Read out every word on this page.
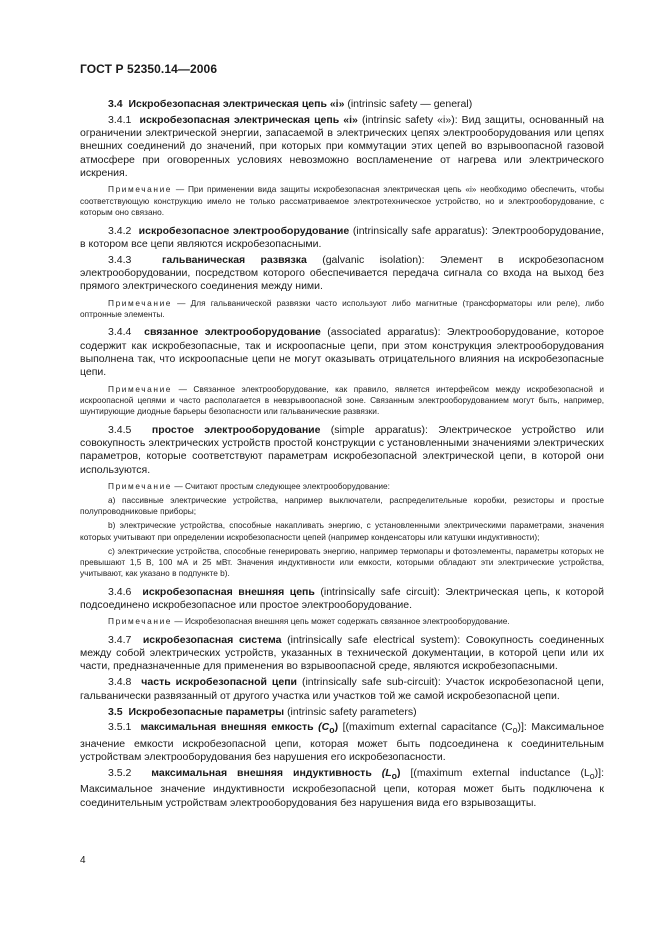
ГОСТ Р 52350.14—2006
3.4 Искробезопасная электрическая цепь «i» (intrinsic safety — general)
3.4.1 искробезопасная электрическая цепь «i» (intrinsic safety «i»): Вид защиты, основанный на ограничении электрической энергии, запасаемой в электрических цепях электрооборудования или цепях внешних соединений до значений, при которых при коммутации этих цепей во взрывоопасной газовой атмосфере при оговоренных условиях невозможно воспламенение от нагрева или электрического искрения.
Примечание — При применении вида защиты искробезопасная электрическая цепь «i» необходимо обеспечить, чтобы соответствующую конструкцию имело не только рассматриваемое электротехническое устройство, но и электрооборудование, с которым оно связано.
3.4.2 искробезопасное электрооборудование (intrinsically safe apparatus): Электрооборудование, в котором все цепи являются искробезопасными.
3.4.3	гальваническая развязка (galvanic isolation): Элемент в искробезопасном электрооборудовании, посредством которого обеспечивается передача сигнала со входа на выход без прямого электрического соединения между ними.
Примечание — Для гальванической развязки часто используют либо магнитные (трансформаторы или реле), либо оптронные элементы.
3.4.4 связанное электрооборудование (associated apparatus): Электрооборудование, которое содержит как искробезопасные, так и искроопасные цепи, при этом конструкция электрооборудования выполнена так, что искроопасные цепи не могут оказывать отрицательного влияния на искробезопасные цепи.
Примечание — Связанное электрооборудование, как правило, является интерфейсом между искробезопасной и искроопасной цепями и часто располагается в невзрывоопасной зоне. Связанным электрооборудованием могут быть, например, шунтирующие диодные барьеры безопасности или гальванические развязки.
3.4.5 простое электрооборудование (simple apparatus): Электрическое устройство или совокупность электрических устройств простой конструкции с установленными значениями электрических параметров, которые соответствуют параметрам искробезопасной электрической цепи, в которой они используются.
Примечание — Считают простым следующее электрооборудование:
a) пассивные электрические устройства, например выключатели, распределительные коробки, резисторы и простые полупроводниковые приборы;
b) электрические устройства, способные накапливать энергию, с установленными электрическими параметрами, значения которых учитывают при определении искробезопасности цепей (например конденсаторы или катушки индуктивности);
c) электрические устройства, способные генерировать энергию, например термопары и фотоэлементы, параметры которых не превышают 1,5 В, 100 мА и 25 мВт. Значения индуктивности или емкости, которыми обладают эти электрические устройства, учитывают, как указано в подпункте b).
3.4.6 искробезопасная внешняя цепь (intrinsically safe circuit): Электрическая цепь, к которой подсоединено искробезопасное или простое электрооборудование.
Примечание — Искробезопасная внешняя цепь может содержать связанное электрооборудование.
3.4.7 искробезопасная система (intrinsically safe electrical system): Совокупность соединенных между собой электрических устройств, указанных в технической документации, в которой цепи или их части, предназначенные для применения во взрывоопасной среде, являются искробезопасными.
3.4.8 часть искробезопасной цепи (intrinsically safe sub-circuit): Участок искробезопасной цепи, гальванически развязанный от другого участка или участков той же самой искробезопасной цепи.
3.5 Искробезопасные параметры (intrinsic safety parameters)
3.5.1 максимальная внешняя емкость $(C_o)$ [(maximum external capacitance $(C_o)$]: Максимальное значение емкости искробезопасной цепи, которая может быть подсоединена к соединительным устройствам электрооборудования без нарушения его искробезопасности.
3.5.2 максимальная внешняя индуктивность $(L_o)$ [(maximum external inductance $(L_o)$]: Максимальное значение индуктивности искробезопасной цепи, которая может быть подключена к соединительным устройствам электрооборудования без нарушения вида его взрывозащиты.
4
